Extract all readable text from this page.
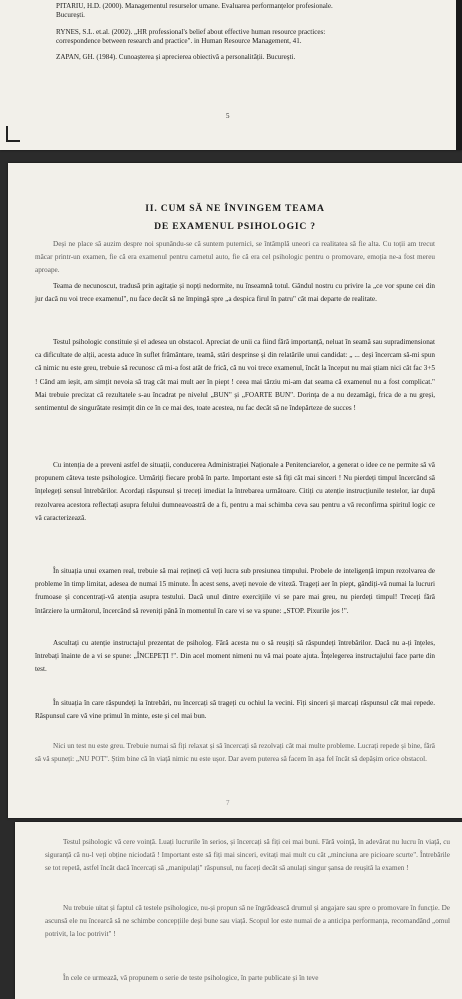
PITARIU, H.D. (2000). Managementul resurselor umane. Evaluarea performanțelor profesionale.

București.

RYNES, S.L. et.al. (2002). „HR professional's belief about effective human resource practices:

correspondence between research and practice". in Human Resource Management, 41.

ZAPAN, GH. (1984). Cunoașterea și aprecierea obiectivă a personalității. București.

5

II. CUM SĂ NE ÎNVINGEM TEAMA

DE EXAMENUL PSIHOLOGIC ?

Deși ne place să auzim despre noi spunându-se că suntem puternici, se întâmplă uneori ca realitatea să fie alta. Cu toții am trecut măcar printr-un examen, fie că era examenul pentru carnetul auto, fie că era cel psihologic pentru o promovare, emoția ne-a fost mereu aproape.

Teama de necunoscut, tradusă prin agitație și nopți nedormite, nu înseamnă totul. Gândul nostru cu privire la „ce vor spune cei din jur dacă nu voi trece examenul", nu face decât să ne împingă spre „a despica firul în patru" cât mai departe de realitate.

Testul psihologic constituie și el adesea un obstacol. Apreciat de unii ca fiind fără importanță, neluat în seamă sau supradimensionat ca dificultate de alții, acesta aduce în suflet frământare, teamă, stări desprinse și din relatările unui candidat: „ ... deși încercam să-mi spun că nimic nu este greu, trebuie să recunosc că mi-a fost atât de frică, că nu voi trece examenul, încât la început nu mai știam nici cât fac 3+5 ! Când am ieșit, am simțit nevoia să trag cât mai mult aer în piept ! ceea mai târziu mi-am dat seama că examenul nu a fost complicat." Mai trebuie precizat că rezultatele s-au încadrat pe nivelul „BUN" și „FOARTE BUN". Dorința de a nu dezamăgi, frica de a nu greși, sentimentul de singurătate resimțit din ce în ce mai des, toate acestea, nu fac decât să ne îndepărteze de succes !

Cu intenția de a preveni astfel de situații, conducerea Administrației Naționale a Penitenciarelor, a generat o idee ce ne permite să vă propunem câteva teste psihologice. Urmăriți fiecare probă în parte. Important este să fiți cât mai sinceri ! Nu pierdeți timpul încercând să înțelegeți sensul întrebărilor. Acordați răspunsul și treceți imediat la întrebarea următoare. Citiți cu atenție instrucțiunile testelor, iar după rezolvarea acestora reflectați asupra felului dumneavoastră de a fi, pentru a mai schimba ceva sau pentru a vă reconfirma spiritul logic ce vă caracterizează.

În situația unui examen real, trebuie să mai rețineți că veți lucra sub presiunea timpului. Probele de inteligență impun rezolvarea de probleme în timp limitat, adesea de numai 15 minute. În acest sens, aveți nevoie de viteză. Trageți aer în piept, gândiți-vă numai la lucruri frumoase și concentrați-vă atenția asupra testului. Dacă unul dintre exercițiile vi se pare mai greu, nu pierdeți timpul! Treceți fără întârziere la următorul, încercând să reveniți până în momentul în care vi se va spune: „STOP. Pixurile jos !".

Ascultați cu atenție instructajul prezentat de psiholog. Fără acesta nu o să reușiți să răspundeți întrebărilor. Dacă nu a-ți înțeles, întrebați înainte de a vi se spune: „ÎNCEPEȚI !". Din acel moment nimeni nu vă mai poate ajuta. Înțelegerea instructajului face parte din test.

În situația în care răspundeți la întrebări, nu încercați să trageți cu ochiul la vecini. Fiți sinceri și marcați răspunsul cât mai repede. Răspunsul care vă vine primul în minte, este și cel mai bun.

Nici un test nu este greu. Trebuie numai să fiți relaxat și să încercați să rezolvați cât mai multe probleme. Lucrați repede și bine, fără să vă spuneți: „NU POT". Știm bine că în viață nimic nu este ușor. Dar avem puterea să facem în așa fel încât să depășim orice obstacol.

7

Testul psihologic vă cere voință. Luați lucrurile în serios, și încercați să fiți cei mai buni. Fără voință, în adevărat nu lucru în viață, cu siguranță că nu-l veți obține niciodată ! Important este să fiți mai sinceri, evitați mai mult cu cât „minciuna are picioare scurte". Întrebările se tot repetă, astfel încât dacă încercați să „manipulați" răspunsul, nu faceți decât să anulați singur șansa de reușită la examen !

Nu trebuie uitat și faptul că testele psihologice, nu-și propun să ne îngrădească drumul și angajare sau spre o promovare în funcție. De ascunsă ele nu încearcă să ne schimbe concepțiile deși bune sau viață. Scopul lor este numai de a anticipa performanța, recomandând „omul potrivit, la loc potrivit" !

În cele ce urmează, vă propunem o serie de teste psihologice, în parte publicate și în teve
